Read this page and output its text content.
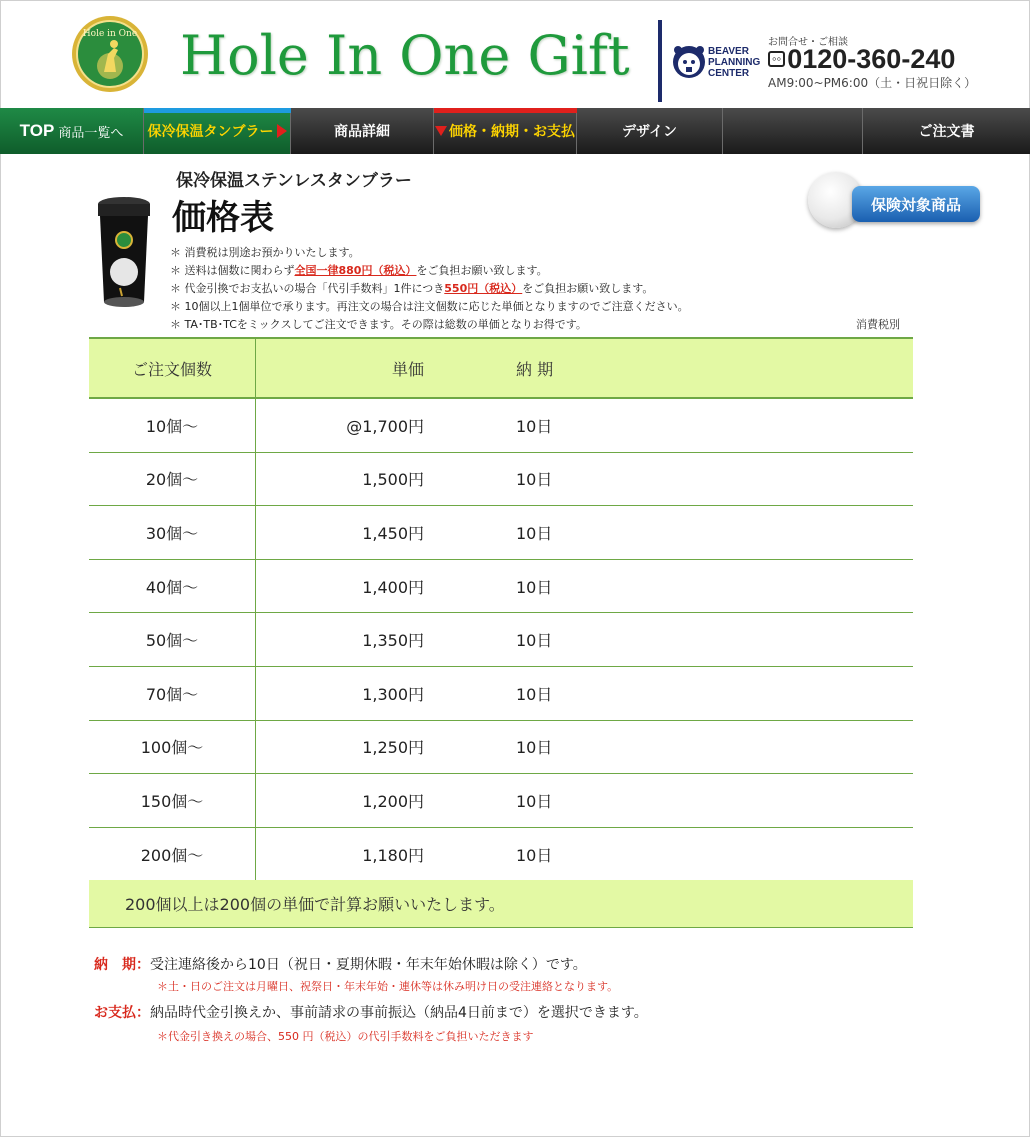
Hole in One Hole In One Gift	BEAVER
PLANNING
CENTER
お問合せ・ご相談
◦◦ 0120-360-240
AM9:00~PM6:00（土・日祝日除く）
TOP 商品一覧へ 保冷保温タンブラー	商品詳細	価格・納期・お支払	デザイン	ご注文書
保冷保温ステンレスタンブラー
価格表	保険対象商品
＊ 消費税は別途お預かりいたします。
＊ 送料は個数に関わらず全国一律880円（税込）をご負担お願い致します。
＊ 代金引換でお支払いの場合「代引手数料」1件につき550円（税込）をご負担お願い致します。
＊ 10個以上1個単位で承ります。再注文の場合は注文個数に応じた単価となりますのでご注意ください。
＊ TA･TB･TCをミックスしてご注文できます。その際は総数の単価となりお得です。	消費税別
ご注文個数	単価	納 期	
10個～	@1,700円	10日	
20個～	1,500円	10日	
30個～	1,450円	10日	
40個～	1,400円	10日	
50個～	1,350円	10日	
70個～	1,300円	10日	
100個～	1,250円	10日	
150個～	1,200円	10日	
200個～	1,180円	10日	
200個以上は200個の単価で計算お願いいたします。
納　期：受注連絡後から10日（祝日・夏期休暇・年末年始休暇は除く）です。
＊土・日のご注文は月曜日、祝祭日・年末年始・連休等は休み明け日の受注連絡となります。
お支払：納品時代金引換えか、事前請求の事前振込（納品4日前まで）を選択できます。
＊代金引き換えの場合、550 円（税込）の代引手数料をご負担いただきます
